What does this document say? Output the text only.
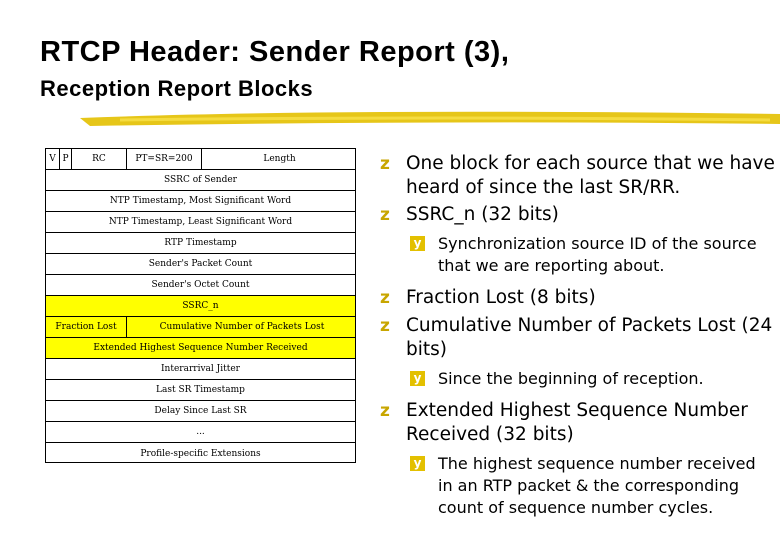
RTCP Header: Sender Report (3),
Reception Report Blocks
V P	RC	PT=SR=200	Length
SSRC of Sender
NTP Timestamp, Most Significant Word
NTP Timestamp, Least Significant Word
RTP Timestamp
Sender's Packet Count
Sender's Octet Count
SSRC_n
Fraction Lost	Cumulative Number of Packets Lost
Extended Highest Sequence Number Received
Interarrival Jitter
Last SR Timestamp
Delay Since Last SR
...
Profile-specific Extensions
z One block for each source that we have heard of since the last SR/RR.
z SSRC_n (32 bits)
y Synchronization source ID of the source that we are reporting about.
z Fraction Lost (8 bits)
z Cumulative Number of Packets Lost (24 bits)
y Since the beginning of reception.
z Extended Highest Sequence Number Received (32 bits)
y The highest sequence number received in an RTP packet & the corresponding count of sequence number cycles.
